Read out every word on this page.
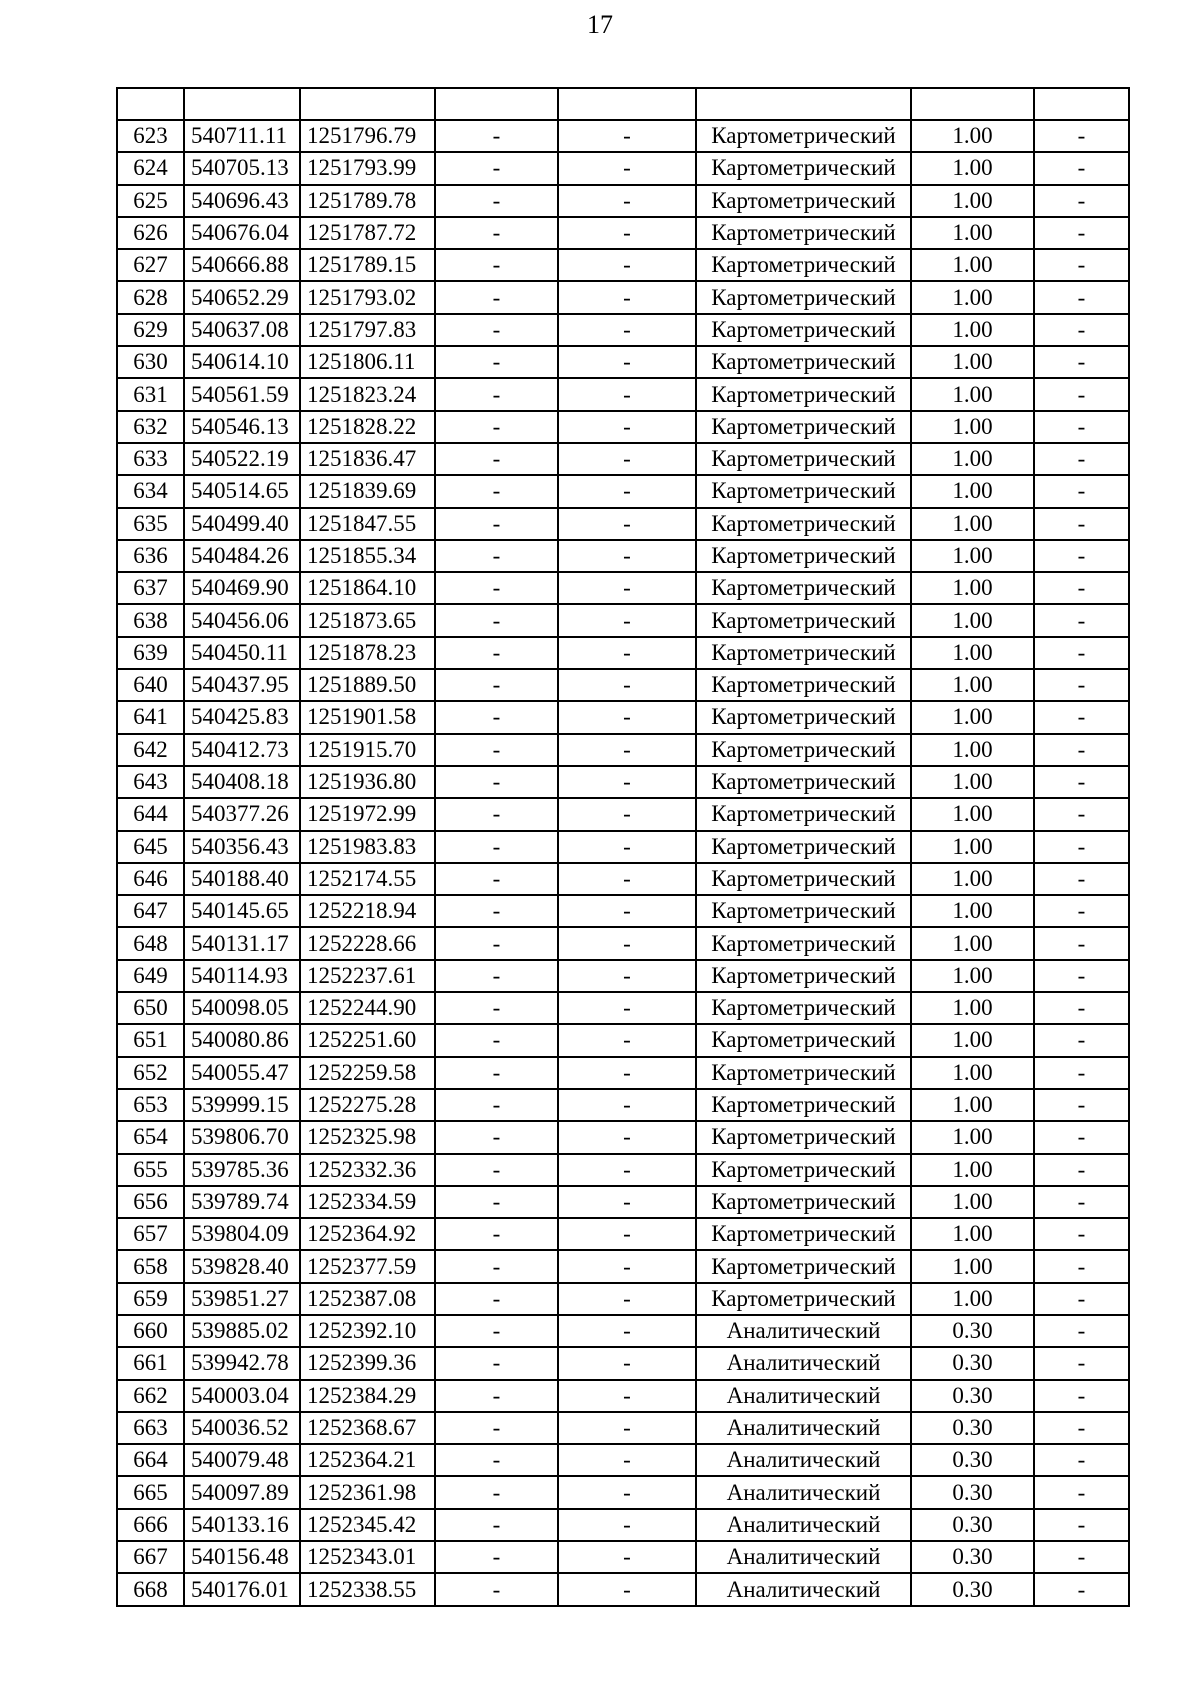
17

623	540711.11	1251796.79	-	-	Картометрический	1.00	-
624	540705.13	1251793.99	-	-	Картометрический	1.00	-
625	540696.43	1251789.78	-	-	Картометрический	1.00	-
626	540676.04	1251787.72	-	-	Картометрический	1.00	-
627	540666.88	1251789.15	-	-	Картометрический	1.00	-
628	540652.29	1251793.02	-	-	Картометрический	1.00	-
629	540637.08	1251797.83	-	-	Картометрический	1.00	-
630	540614.10	1251806.11	-	-	Картометрический	1.00	-
631	540561.59	1251823.24	-	-	Картометрический	1.00	-
632	540546.13	1251828.22	-	-	Картометрический	1.00	-
633	540522.19	1251836.47	-	-	Картометрический	1.00	-
634	540514.65	1251839.69	-	-	Картометрический	1.00	-
635	540499.40	1251847.55	-	-	Картометрический	1.00	-
636	540484.26	1251855.34	-	-	Картометрический	1.00	-
637	540469.90	1251864.10	-	-	Картометрический	1.00	-
638	540456.06	1251873.65	-	-	Картометрический	1.00	-
639	540450.11	1251878.23	-	-	Картометрический	1.00	-
640	540437.95	1251889.50	-	-	Картометрический	1.00	-
641	540425.83	1251901.58	-	-	Картометрический	1.00	-
642	540412.73	1251915.70	-	-	Картометрический	1.00	-
643	540408.18	1251936.80	-	-	Картометрический	1.00	-
644	540377.26	1251972.99	-	-	Картометрический	1.00	-
645	540356.43	1251983.83	-	-	Картометрический	1.00	-
646	540188.40	1252174.55	-	-	Картометрический	1.00	-
647	540145.65	1252218.94	-	-	Картометрический	1.00	-
648	540131.17	1252228.66	-	-	Картометрический	1.00	-
649	540114.93	1252237.61	-	-	Картометрический	1.00	-
650	540098.05	1252244.90	-	-	Картометрический	1.00	-
651	540080.86	1252251.60	-	-	Картометрический	1.00	-
652	540055.47	1252259.58	-	-	Картометрический	1.00	-
653	539999.15	1252275.28	-	-	Картометрический	1.00	-
654	539806.70	1252325.98	-	-	Картометрический	1.00	-
655	539785.36	1252332.36	-	-	Картометрический	1.00	-
656	539789.74	1252334.59	-	-	Картометрический	1.00	-
657	539804.09	1252364.92	-	-	Картометрический	1.00	-
658	539828.40	1252377.59	-	-	Картометрический	1.00	-
659	539851.27	1252387.08	-	-	Картометрический	1.00	-
660	539885.02	1252392.10	-	-	Аналитический	0.30	-
661	539942.78	1252399.36	-	-	Аналитический	0.30	-
662	540003.04	1252384.29	-	-	Аналитический	0.30	-
663	540036.52	1252368.67	-	-	Аналитический	0.30	-
664	540079.48	1252364.21	-	-	Аналитический	0.30	-
665	540097.89	1252361.98	-	-	Аналитический	0.30	-
666	540133.16	1252345.42	-	-	Аналитический	0.30	-
667	540156.48	1252343.01	-	-	Аналитический	0.30	-
668	540176.01	1252338.55	-	-	Аналитический	0.30	-
